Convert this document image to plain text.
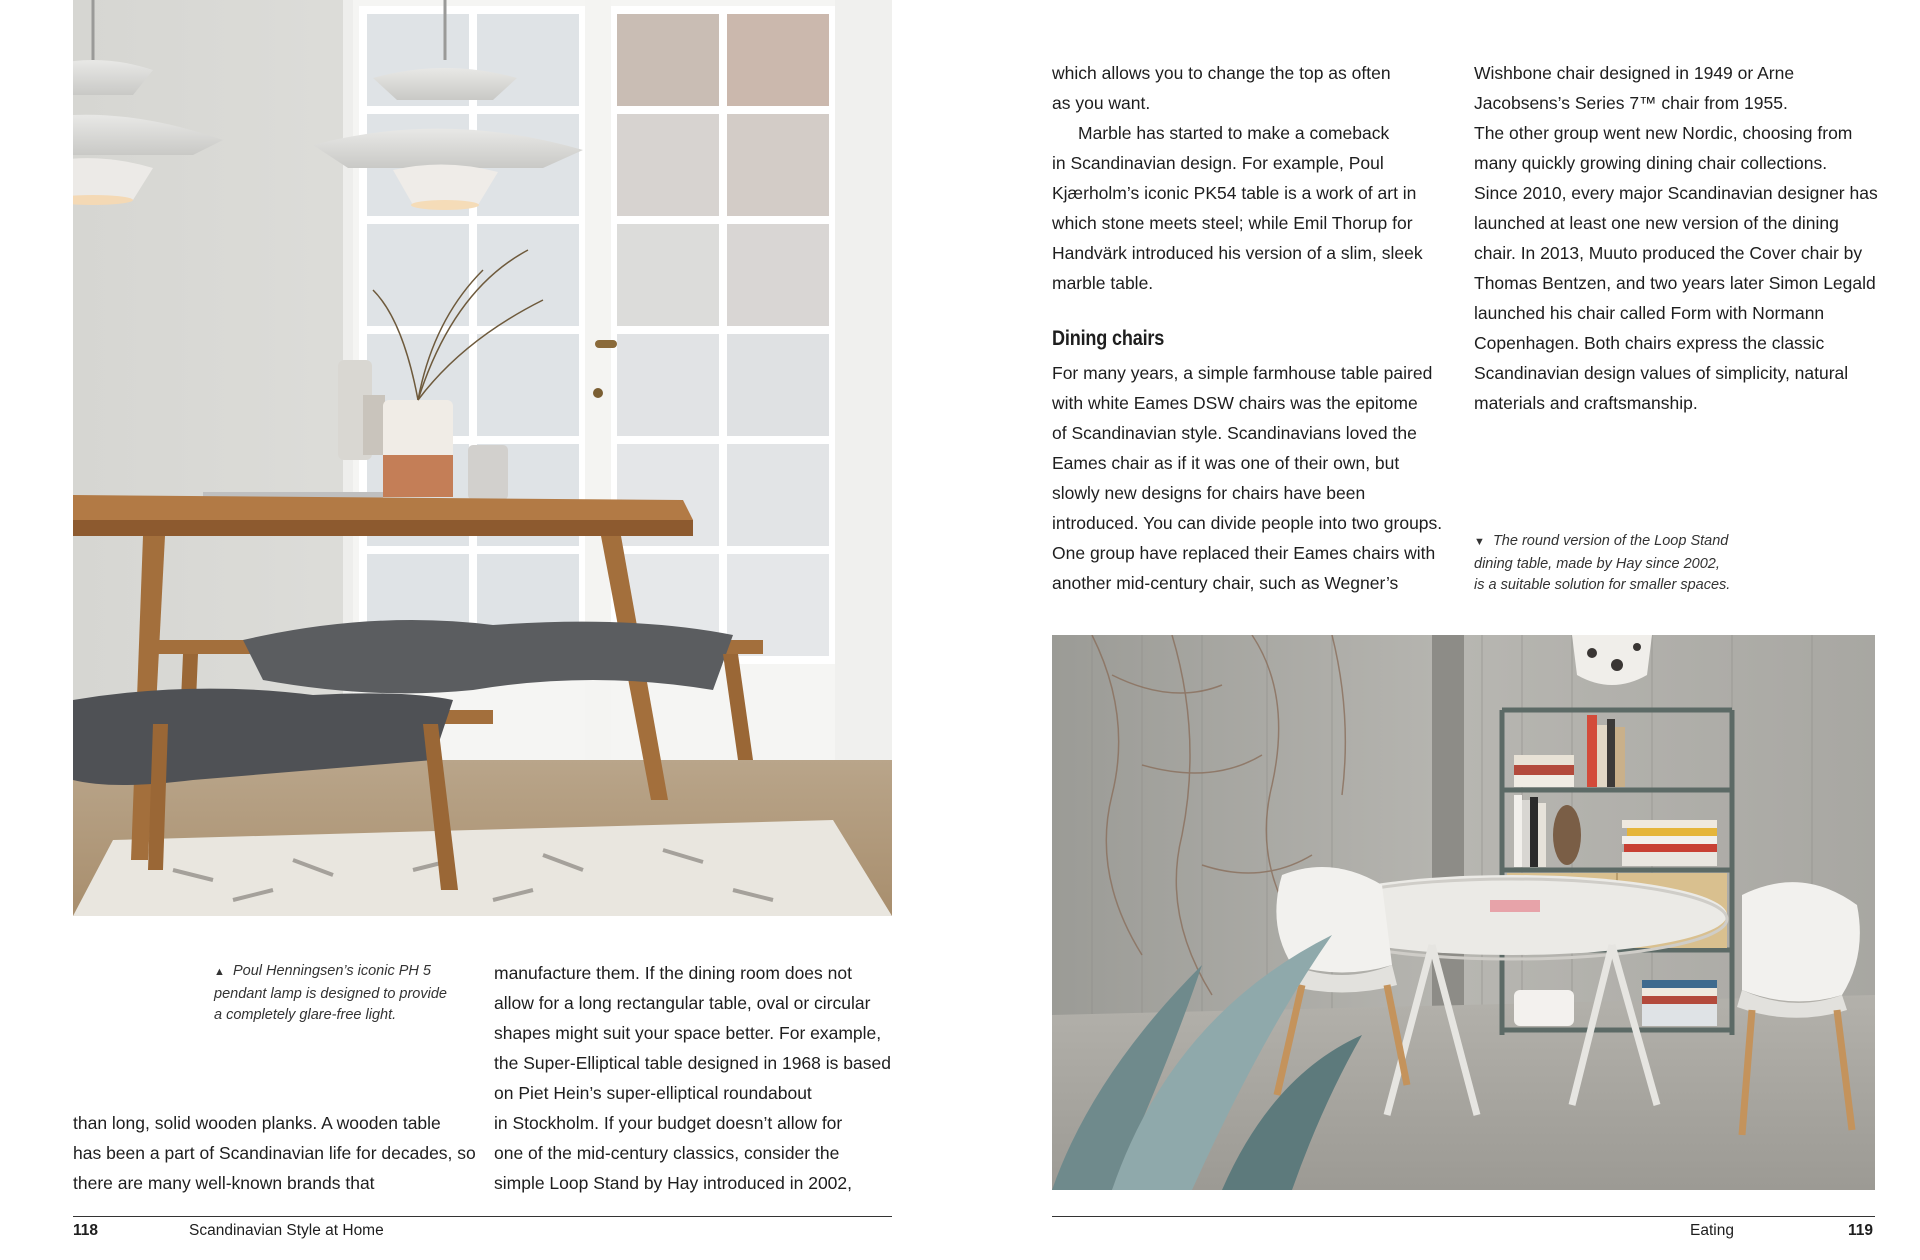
▲ Poul Henningsen’s iconic PH 5

pendant lamp is designed to provide

a completely glare-free light.

than long, solid wooden planks. A wooden table

has been a part of Scandinavian life for decades, so

there are many well-known brands that

manufacture them. If the dining room does not

allow for a long rectangular table, oval or circular

shapes might suit your space better. For example,

the Super-Elliptical table designed in 1968 is based

on Piet Hein’s super-elliptical roundabout

in Stockholm. If your budget doesn’t allow for

one of the mid-century classics, consider the

simple Loop Stand by Hay introduced in 2002,

118	Scandinavian Style at Home

which allows you to change the top as often

as you want.

Marble has started to make a comeback

in Scandinavian design. For example, Poul

Kjærholm’s iconic PK54 table is a work of art in

which stone meets steel; while Emil Thorup for

Handvärk introduced his version of a slim, sleek

marble table.

Dining chairs

For many years, a simple farmhouse table paired

with white Eames DSW chairs was the epitome

of Scandinavian style. Scandinavians loved the

Eames chair as if it was one of their own, but

slowly new designs for chairs have been

introduced. You can divide people into two groups.

One group have replaced their Eames chairs with

another mid-century chair, such as Wegner’s

Wishbone chair designed in 1949 or Arne

Jacobsens’s Series 7™ chair from 1955.

The other group went new Nordic, choosing from

many quickly growing dining chair collections.

Since 2010, every major Scandinavian designer has

launched at least one new version of the dining

chair. In 2013, Muuto produced the Cover chair by

Thomas Bentzen, and two years later Simon Legald

launched his chair called Form with Normann

Copenhagen. Both chairs express the classic

Scandinavian design values of simplicity, natural

materials and craftsmanship.

▼ The round version of the Loop Stand

dining table, made by Hay since 2002,

is a suitable solution for smaller spaces.

Eating	119
